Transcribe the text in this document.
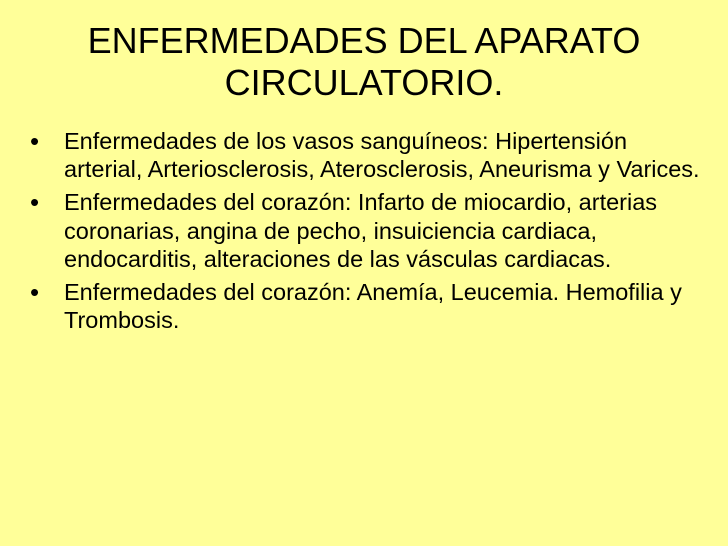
ENFERMEDADES DEL APARATO CIRCULATORIO.
• Enfermedades de los vasos sanguíneos: Hipertensión arterial, Arteriosclerosis, Aterosclerosis, Aneurisma y Varices.
• Enfermedades del corazón: Infarto de miocardio, arterias coronarias, angina de pecho, insuiciencia cardiaca, endocarditis, alteraciones de las vásculas cardiacas.
• Enfermedades del corazón: Anemía, Leucemia. Hemofilia y Trombosis.
